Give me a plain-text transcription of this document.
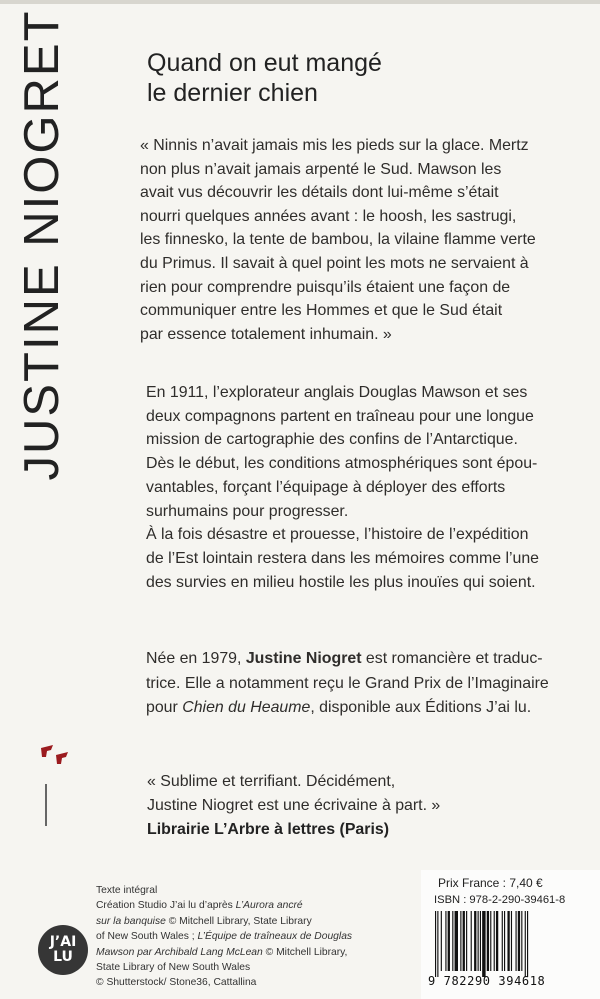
JUSTINE NIOGRET	Quand on eut mangé
le dernier chien
« Ninnis n’avait jamais mis les pieds sur la glace. Mertz
non plus n’avait jamais arpenté le Sud. Mawson les
avait vus découvrir les détails dont lui-même s’était
nourri quelques années avant : le hoosh, les sastrugi,
les finnesko, la tente de bambou, la vilaine flamme verte
du Primus. Il savait à quel point les mots ne servaient à
rien pour comprendre puisqu’ils étaient une façon de
communiquer entre les Hommes et que le Sud était
par essence totalement inhumain. »
En 1911, l’explorateur anglais Douglas Mawson et ses
deux compagnons partent en traîneau pour une longue
mission de cartographie des confins de l’Antarctique.
Dès le début, les conditions atmosphériques sont épou-
vantables, forçant l’équipage à déployer des efforts
surhumains pour progresser.
À la fois désastre et prouesse, l’histoire de l’expédition
de l’Est lointain restera dans les mémoires comme l’une
des survies en milieu hostile les plus inouïes qui soient.
Née en 1979, Justine Niogret est romancière et traduc-
trice. Elle a notamment reçu le Grand Prix de l’Imaginaire
pour Chien du Heaume, disponible aux Éditions J’ai lu.
« Sublime et terrifiant. Décidément,
Justine Niogret est une écrivaine à part. »
Librairie L’Arbre à lettres (Paris)
J’AI
LU
Texte intégral
Création Studio J’ai lu d’après L’Aurora ancré
sur la banquise © Mitchell Library, State Library
of New South Wales ; L’Équipe de traîneaux de Douglas
Mawson par Archibald Lang McLean © Mitchell Library,
State Library of New South Wales
© Shutterstock/ Stone36, Cattallina
Prix France : 7,40 €
ISBN : 978-2-290-39461-8
9 782290 394618
